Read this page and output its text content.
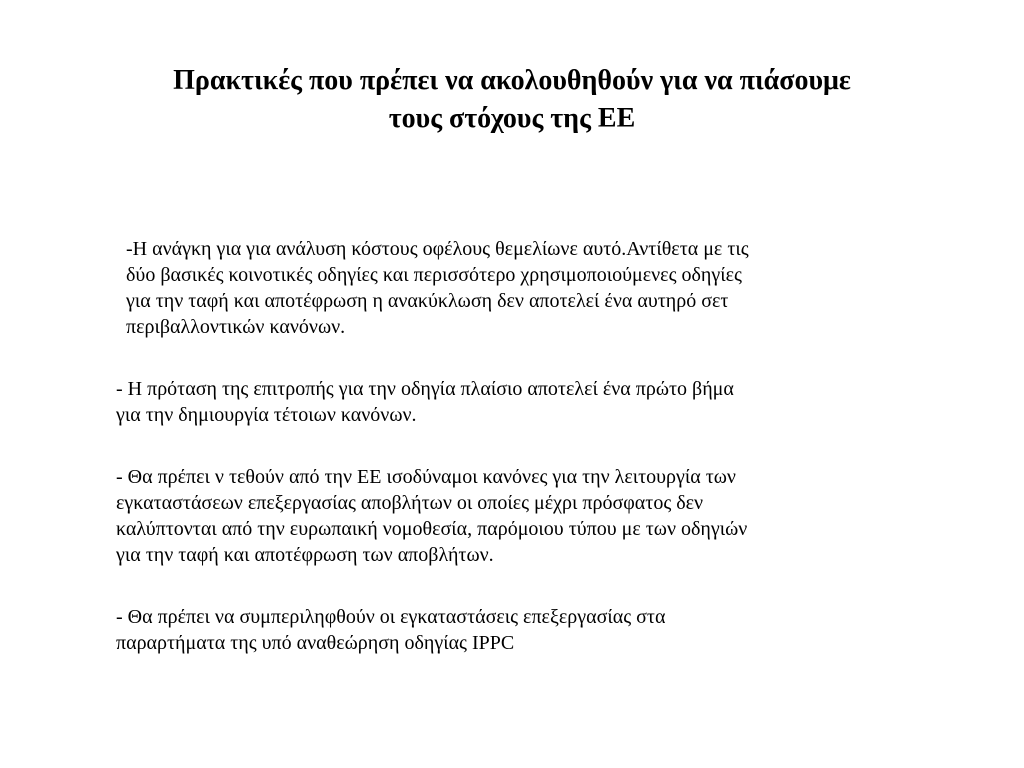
Πρακτικές που πρέπει να ακολουθηθούν για να πιάσουμε
τους στόχους της ΕΕ

-Η ανάγκη για για ανάλυση κόστους οφέλους θεμελίωνε αυτό.Αντίθετα με τις
δύο βασικές κοινοτικές οδηγίες και περισσότερο χρησιμοποιούμενες οδηγίες
για την ταφή και αποτέφρωση η ανακύκλωση δεν αποτελεί ένα αυτηρό σετ
περιβαλλοντικών κανόνων.

- Η πρόταση της επιτροπής για την οδηγία πλαίσιο αποτελεί ένα πρώτο βήμα
για την δημιουργία τέτοιων κανόνων.

- Θα πρέπει ν τεθούν από την ΕΕ ισοδύναμοι κανόνες για την λειτουργία των
εγκαταστάσεων επεξεργασίας αποβλήτων οι οποίες μέχρι πρόσφατος δεν
καλύπτονται από την ευρωπαική νομοθεσία, παρόμοιου τύπου με των οδηγιών
για την ταφή και αποτέφρωση των αποβλήτων.

- Θα πρέπει να συμπεριληφθούν οι εγκαταστάσεις επεξεργασίας στα
παραρτήματα της υπό αναθεώρηση οδηγίας IPPC
